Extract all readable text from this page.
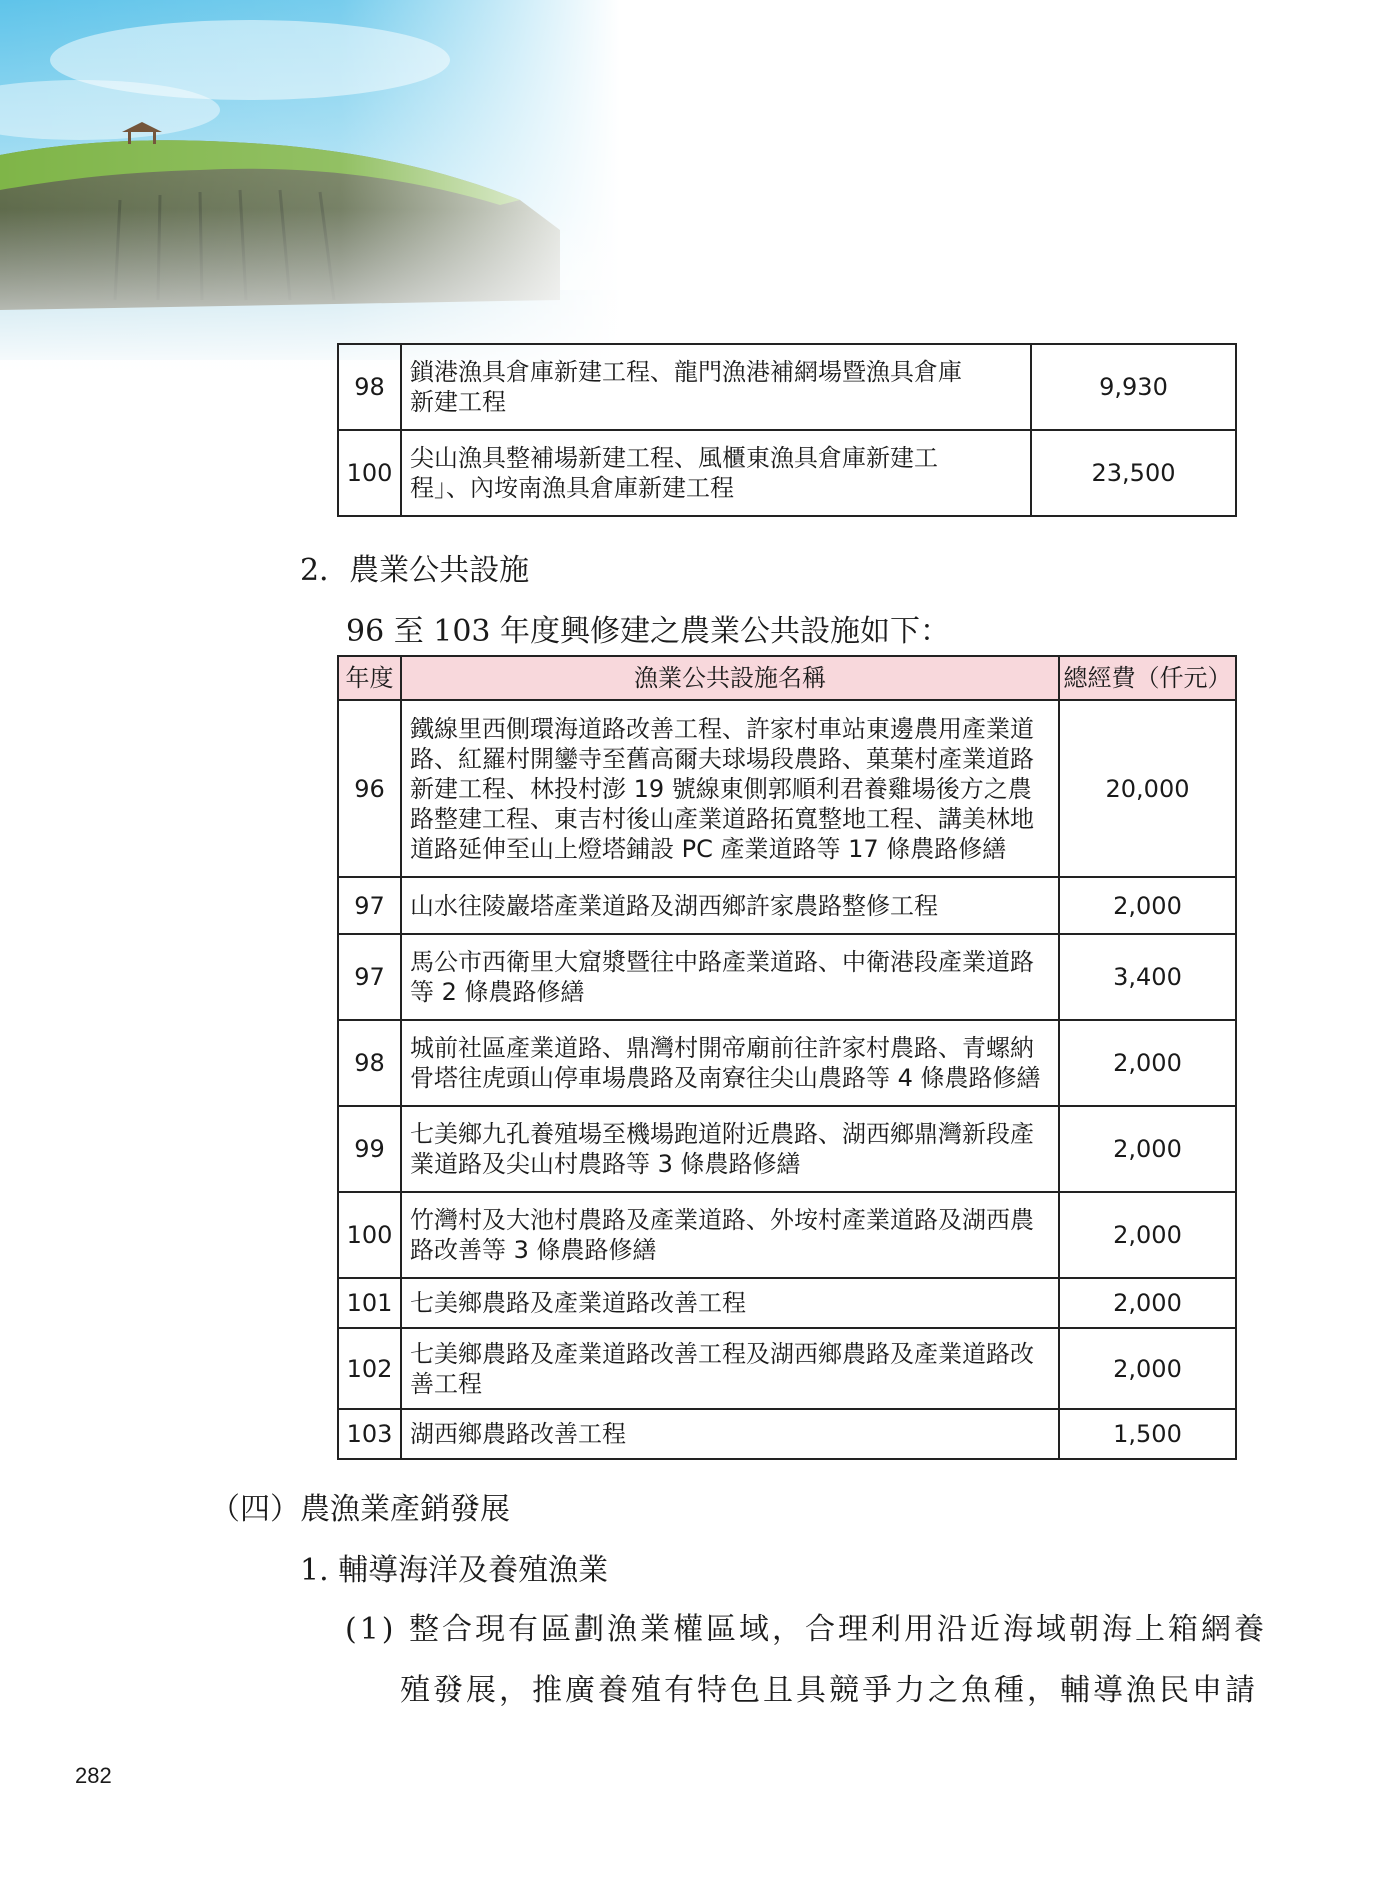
98	鎖港漁具倉庫新建工程、龍門漁港補網場暨漁具倉庫
新建工程	9,930
100	尖山漁具整補場新建工程、風櫃東漁具倉庫新建工
程」、內垵南漁具倉庫新建工程	23,500
2．農業公共設施
96 至 103 年度興修建之農業公共設施如下：
年度	漁業公共設施名稱	總經費（仟元）
96	鐵線里西側環海道路改善工程、許家村車站東邊農用產業道
路、紅羅村開鑾寺至舊高爾夫球場段農路、菓葉村產業道路
新建工程、林投村澎 19 號線東側郭順利君養雞場後方之農
路整建工程、東吉村後山產業道路拓寬整地工程、講美林地
道路延伸至山上燈塔鋪設 PC 產業道路等 17 條農路修繕	20,000
97	山水往陵巖塔產業道路及湖西鄉許家農路整修工程	2,000
97	馬公市西衛里大窟漿暨往中路產業道路、中衛港段產業道路
等 2 條農路修繕	3,400
98	城前社區產業道路、鼎灣村開帝廟前往許家村農路、青螺納
骨塔往虎頭山停車場農路及南寮往尖山農路等 4 條農路修繕	2,000
99	七美鄉九孔養殖場至機場跑道附近農路、湖西鄉鼎灣新段產
業道路及尖山村農路等 3 條農路修繕	2,000
100	竹灣村及大池村農路及產業道路、外垵村產業道路及湖西農
路改善等 3 條農路修繕	2,000
101	七美鄉農路及產業道路改善工程	2,000
102	七美鄉農路及產業道路改善工程及湖西鄉農路及產業道路改
善工程	2,000
103	湖西鄉農路改善工程	1,500
（四）農漁業產銷發展
1. 輔導海洋及養殖漁業
(1) 整合現有區劃漁業權區域，合理利用沿近海域朝海上箱網養
殖發展，推廣養殖有特色且具競爭力之魚種，輔導漁民申請
282
